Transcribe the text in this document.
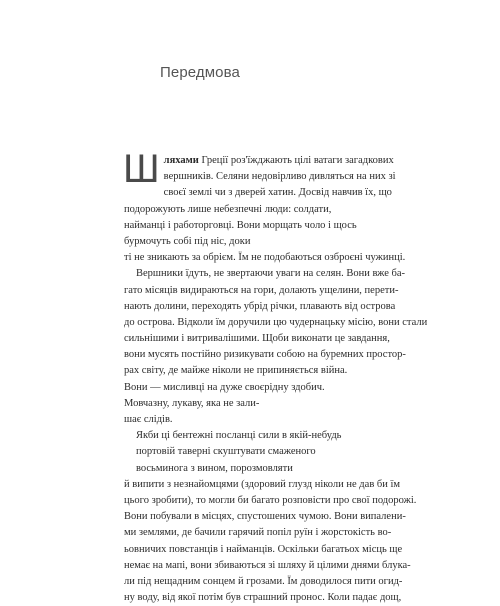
Передмова
Ш ляхами Греції роз'їжджають цілі ватаги загадкових
вершників. Селяни недовірливо дивляться на них зі
своєї землі чи з дверей хатин. Досвід навчив їх, що
подорожують лише небезпечні люди: солдати, найманці і работорговці. Вони морщать чоло і щось бурмочуть собі під ніс, доки
ті не зникають за обрієм. Їм не подобаються озброєні чужинці.
Вершники їдуть, не звертаючи уваги на селян. Вони вже ба-
гато місяців видираються на гори, долають ущелини, перети-
нають долини, переходять убрід річки, плавають від острова
до острова. Відколи їм доручили цю чудернацьку місію, вони стали
сильнішими і витривалішими. Щоби виконати це завдання,
вони мусять постійно ризикувати собою на буремних простор-
рах світу, де майже ніколи не припиняється війна. Вони — мисливці на дуже своєрідну здобич. Мовчазну, лукаву, яка не зали-
шає слідів.
Якби ці бентежні посланці сили в якій-небудь портовій таверні скуштувати смаженого восьминога з вином, порозмовляти
й випити з незнайомцями (здоровий глузд ніколи не дав би їм
цього зробити), то могли би багато розповісти про свої подорожі.
Вони побували в місцях, спустошених чумою. Вони випалени-
ми землями, де бачили гарячий попіл руїн і жорстокість во-
ьовничих повстанців і найманців. Оскільки багатьох місць ще
немає на мапі, вони збиваються зі шляху й цілими днями блука-
ли під нещадним сонцем й грозами. Їм доводилося пити огид-
ну воду, від якої потім був страшний пронос. Коли падає дощ,
